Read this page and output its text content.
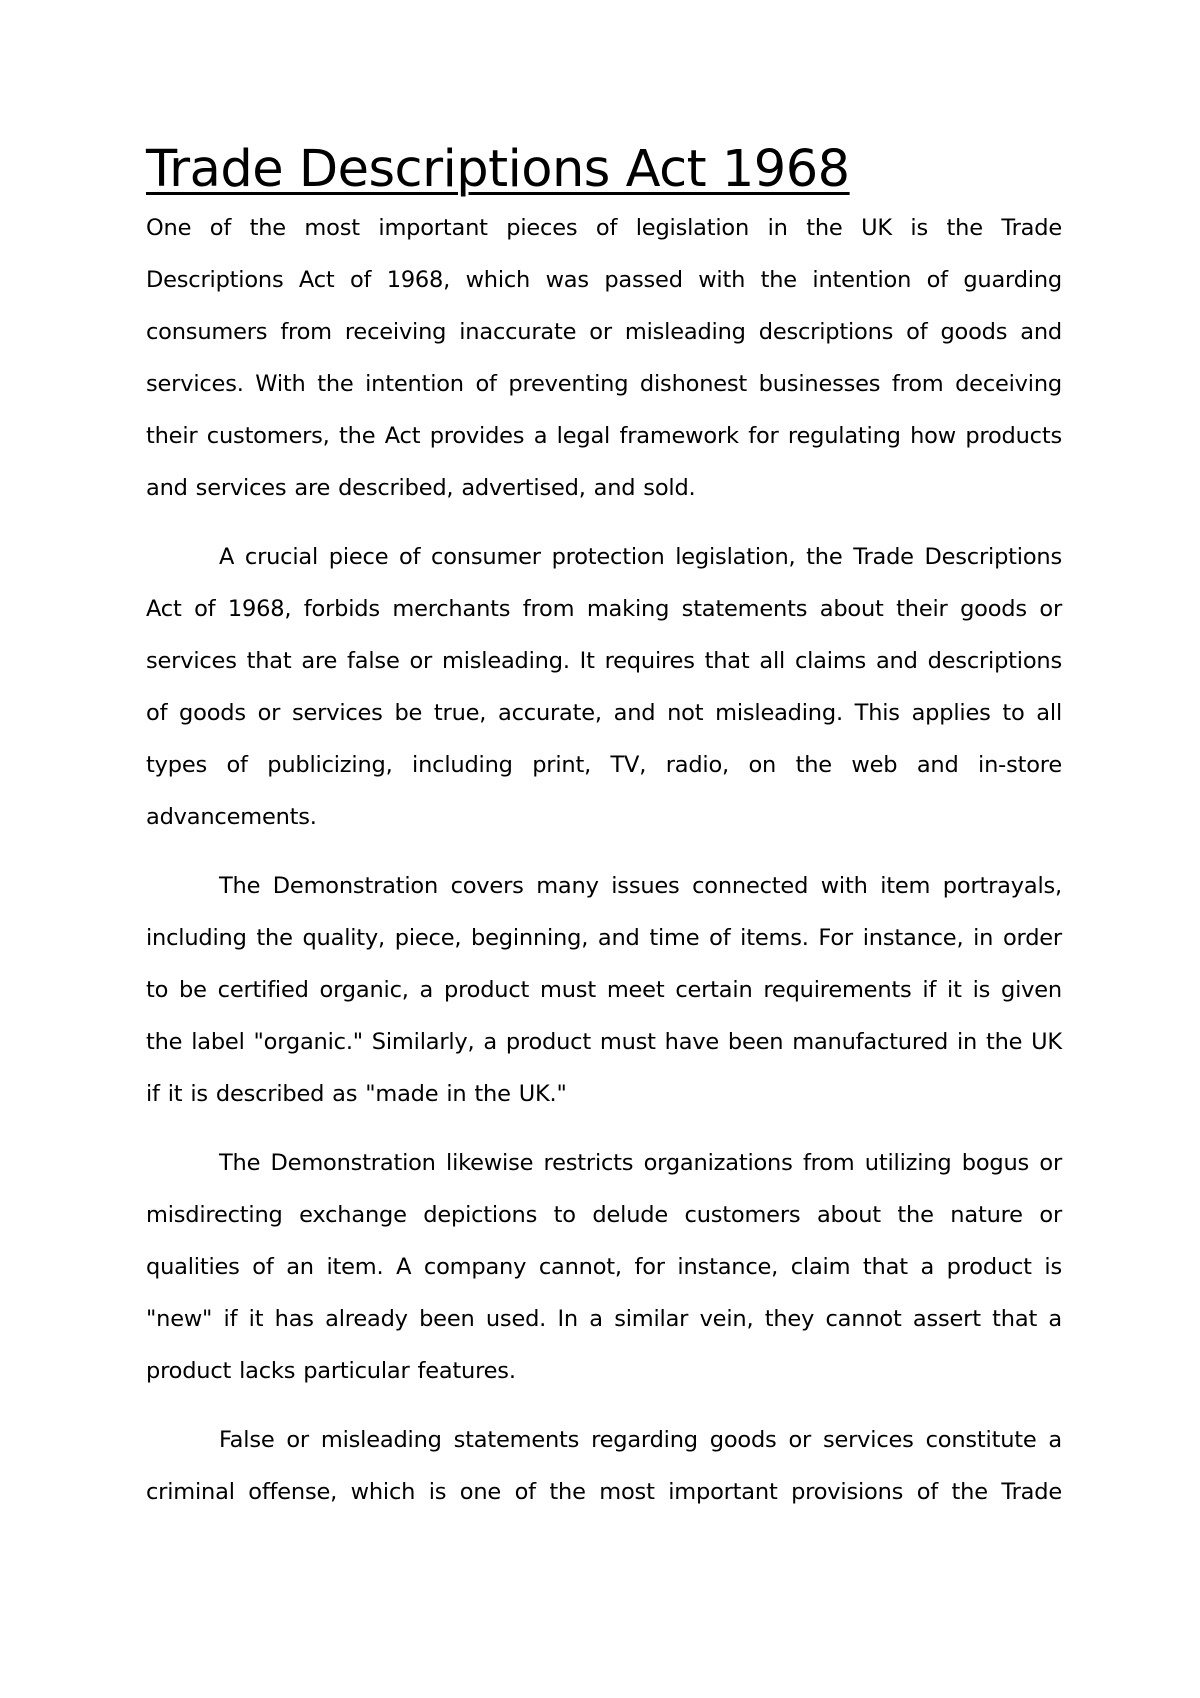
Trade Descriptions Act 1968

One of the most important pieces of legislation in the UK is the Trade Descriptions Act of 1968, which was passed with the intention of guarding consumers from receiving inaccurate or misleading descriptions of goods and services. With the intention of preventing dishonest businesses from deceiving their customers, the Act provides a legal framework for regulating how products and services are described, advertised, and sold.

A crucial piece of consumer protection legislation, the Trade Descriptions Act of 1968, forbids merchants from making statements about their goods or services that are false or misleading. It requires that all claims and descriptions of goods or services be true, accurate, and not misleading. This applies to all types of publicizing, including print, TV, radio, on the web and in-store advancements.

The Demonstration covers many issues connected with item portrayals, including the quality, piece, beginning, and time of items. For instance, in order to be certified organic, a product must meet certain requirements if it is given the label "organic." Similarly, a product must have been manufactured in the UK if it is described as "made in the UK."

The Demonstration likewise restricts organizations from utilizing bogus or misdirecting exchange depictions to delude customers about the nature or qualities of an item. A company cannot, for instance, claim that a product is "new" if it has already been used. In a similar vein, they cannot assert that a product lacks particular features.

False or misleading statements regarding goods or services constitute a criminal offense, which is one of the most important provisions of the Trade
